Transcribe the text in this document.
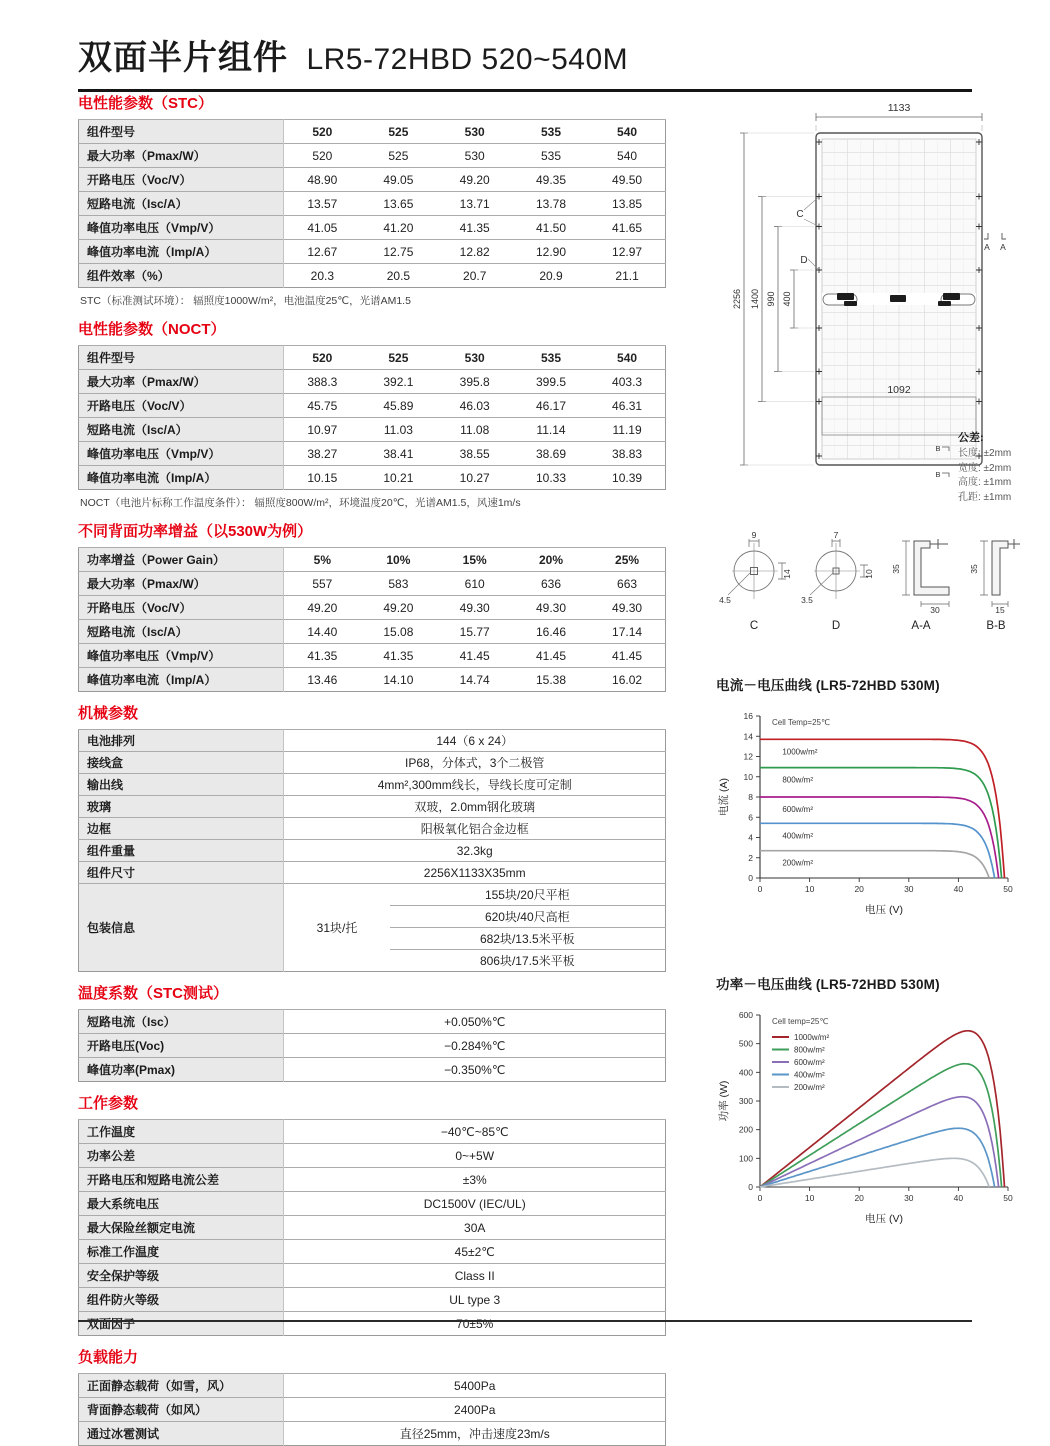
双面半片组件 LR5-72HBD 520~540M
电性能参数（STC）
组件型号	520	525	530	535	540
最大功率（Pmax/W）	520	525	530	535	540
开路电压（Voc/V）	48.90	49.05	49.20	49.35	49.50
短路电流（Isc/A）	13.57	13.65	13.71	13.78	13.85
峰值功率电压（Vmp/V）	41.05	41.20	41.35	41.50	41.65
峰值功率电流（Imp/A）	12.67	12.75	12.82	12.90	12.97
组件效率（%）	20.3	20.5	20.7	20.9	21.1
STC（标准测试环境）： 辐照度1000W/m²，电池温度25℃，光谱AM1.5
电性能参数（NOCT）
组件型号	520	525	530	535	540
最大功率（Pmax/W）	388.3	392.1	395.8	399.5	403.3
开路电压（Voc/V）	45.75	45.89	46.03	46.17	46.31
短路电流（Isc/A）	10.97	11.03	11.08	11.14	11.19
峰值功率电压（Vmp/V）	38.27	38.41	38.55	38.69	38.83
峰值功率电流（Imp/A）	10.15	10.21	10.27	10.33	10.39
NOCT（电池片标称工作温度条件）： 辐照度800W/m²，环境温度20℃，光谱AM1.5，风速1m/s
不同背面功率增益（以530W为例）
功率增益（Power Gain）	5%	10%	15%	20%	25%
最大功率（Pmax/W）	557	583	610	636	663
开路电压（Voc/V）	49.20	49.20	49.30	49.30	49.30
短路电流（Isc/A）	14.40	15.08	15.77	16.46	17.14
峰值功率电压（Vmp/V）	41.35	41.35	41.45	41.45	41.45
峰值功率电流（Imp/A）	13.46	14.10	14.74	15.38	16.02
机械参数
电池排列	144（6 x 24）	
接线盒	IP68，分体式，3个二极管	
输出线	4mm²,300mm线长，导线长度可定制	
玻璃	双玻，2.0mm钢化玻璃	
边框	阳极氧化铝合金边框	
组件重量	32.3kg	
组件尺寸	2256X1133X35mm	
包装信息	31块/托	155块/20尺平柜
		620块/40尺高柜
		682块/13.5米平板
		806块/17.5米平板
温度系数（STC测试）
短路电流（Isc）	+0.050%℃
开路电压(Voc)	−0.284%℃
峰值功率(Pmax)	−0.350%℃
工作参数
工作温度	−40℃~85℃
功率公差	0~+5W
开路电压和短路电流公差	±3%
最大系统电压	DC1500V (IEC/UL)
最大保险丝额定电流	30A
标准工作温度	45±2℃
安全保护等级	Class II
组件防火等级	UL type 3
双面因子	70±5%
负载能力
正面静态载荷（如雪，风）	5400Pa
背面静态载荷（如风）	2400Pa
通过冰雹测试	直径25mm，冲击速度23m/s
1133
2256 1400 990 400
C
D
A A
1092
B
B
公差:
长度: ±2mm
宽度: ±2mm
高度: ±1mm
孔距: ±1mm
9
14
4.5
C
7
10
3.5
D
35
30
A-A
35
15
B-B
电流－电压曲线 (LR5-72HBD 530M)
0
2
4
6
8
10
12
14
16
0	10	20	30	40	50
电压 (V)
电流 (A)
Cell Temp=25℃
1000w/m²
800w/m²
600w/m²
400w/m²
200w/m²
功率－电压曲线 (LR5-72HBD 530M)
0
100
200
300
400
500
600
0	10	20	30	40	50
电压 (V)
功率 (W)
Cell temp=25℃
1000w/m²
800w/m²
600w/m²
400w/m²
200w/m²
